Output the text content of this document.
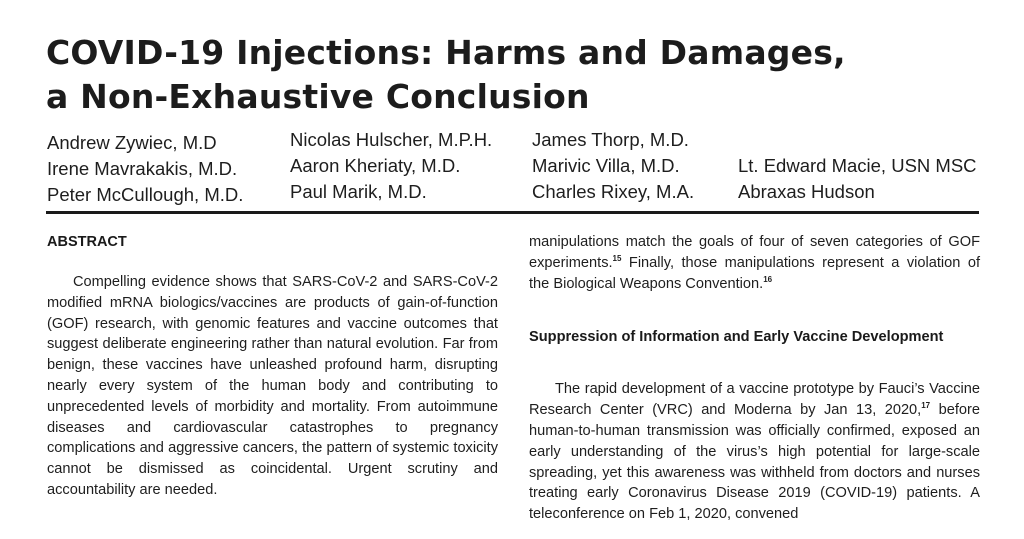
COVID-19 Injections: Harms and Damages,
a Non-Exhaustive Conclusion
Andrew Zywiec, M.D
Irene Mavrakakis, M.D.
Peter McCullough, M.D.
Nicolas Hulscher, M.P.H.
Aaron Kheriaty, M.D.
Paul Marik, M.D.
James Thorp, M.D.
Marivic Villa, M.D.
Charles Rixey, M.A.
Lt. Edward Macie, USN MSC
Abraxas Hudson
ABSTRACT

Compelling evidence shows that SARS-CoV-2 and SARS-CoV-2 modified mRNA biologics/vaccines are products of gain-of-function (GOF) research, with genomic features and vaccine outcomes that suggest deliberate engineering rather than natural evolution. Far from benign, these vaccines have unleashed profound harm, disrupting nearly every system of the human body and contributing to unprecedented levels of morbidity and mortality. From autoimmune diseases and cardiovascular catastrophes to pregnancy complications and aggressive cancers, the pattern of systemic toxicity cannot be dismissed as coincidental. Urgent scrutiny and accountability are needed.

manipulations match the goals of four of seven categories of GOF experiments.$^{15}$ Finally, those manipulations represent a violation of the Biological Weapons Convention.$^{16}$

Suppression of Information and Early Vaccine Development

The rapid development of a vaccine prototype by Fauci’s Vaccine Research Center (VRC) and Moderna by Jan 13, 2020,17 before human-to-human transmission was officially confirmed, exposed an early understanding of the virus’s high potential for large-scale spreading, yet this awareness was withheld from doctors and nurses treating early Coronavirus Disease 2019 (COVID-19) patients. A teleconference on Feb 1, 2020, convened
